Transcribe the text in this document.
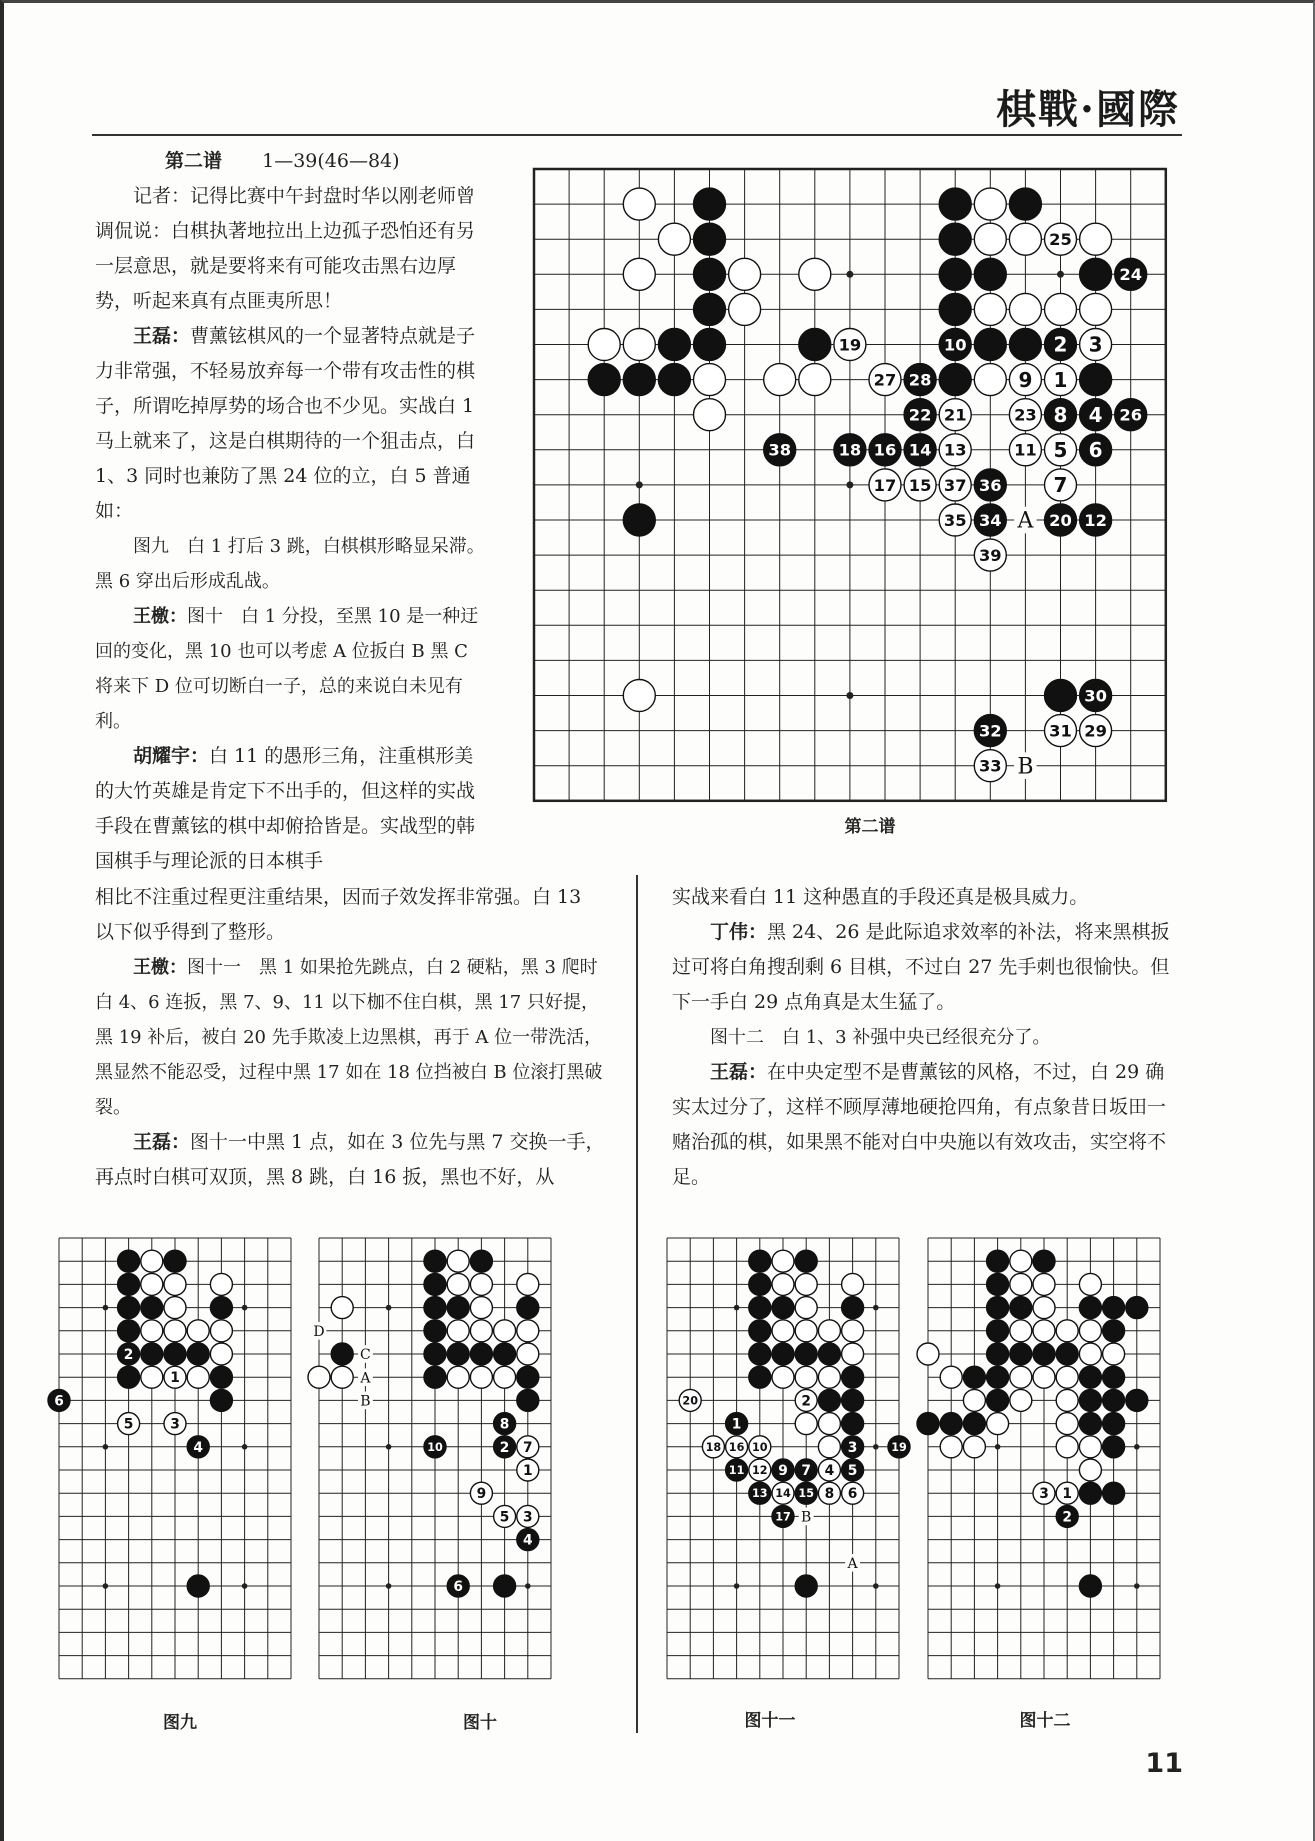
棋戰·國際

第二谱 1—39(46—84)

记者：记得比赛中午封盘时华以刚老师曾调侃说：白棋执著地拉出上边孤子恐怕还有另一层意思，就是要将来有可能攻击黑右边厚势，听起来真有点匪夷所思！

王磊：曹薰铉棋风的一个显著特点就是子力非常强，不轻易放弃每一个带有攻击性的棋子，所谓吃掉厚势的场合也不少见。实战白 1 马上就来了，这是白棋期待的一个狙击点，白 1、3 同时也兼防了黑 24 位的立，白 5 普通如：

图九　白 1 打后 3 跳，白棋棋形略显呆滞。黑 6 穿出后形成乱战。

王檄：图十　白 1 分投，至黑 10 是一种迂回的变化，黑 10 也可以考虑 A 位扳白 B 黑 C 将来下 D 位可切断白一子，总的来说白未见有利。

胡耀宇：白 11 的愚形三角，注重棋形美的大竹英雄是肯定下不出手的，但这样的实战手段在曹薰铉的棋中却俯拾皆是。实战型的韩国棋手与理论派的日本棋手

A
B
25
24
19	10	2 3
27 28	9 1
22 21	23 8 4 26
38	18 16 14 13	11 5 6
17 15 37 36	7
35 34	20 12
39
30
32	31 29
33
第二谱

相比不注重过程更注重结果，因而子效发挥非常强。白 13 以下似乎得到了整形。

王檄：图十一　黑 1 如果抢先跳点，白 2 硬粘，黑 3 爬时白 4、6 连扳，黑 7、9、11 以下枷不住白棋，黑 17 只好提，黑 19 补后，被白 20 先手欺凌上边黑棋，再于 A 位一带洗活，黑显然不能忍受，过程中黑 17 如在 18 位挡被白 B 位滚打黑破裂。

王磊：图十一中黑 1 点，如在 3 位先与黑 7 交换一手，再点时白棋可双顶，黑 8 跳，白 16 扳，黑也不好，从

实战来看白 11 这种愚直的手段还真是极具威力。

丁伟：黑 24、26 是此际追求效率的补法，将来黑棋扳过可将白角搜刮剩 6 目棋，不过白 27 先手刺也很愉快。但下一手白 29 点角真是太生猛了。

图十二　白 1、3 补强中央已经很充分了。

王磊：在中央定型不是曹薰铉的风格，不过，白 29 确实太过分了，这样不顾厚薄地硬抢四角，有点象昔日坂田一赌治孤的棋，如果黑不能对白中央施以有效攻击，实空将不足。

2
1
6
5	3
4
D
C
A
B
8
10	2 7
1
9
5 3
4
6
B
A
20	2
1
18 16 10	3	19
11 12 9 7 4 5
13 14 15 8 6
17
3 1
2
图九	图十	图十一	图十二
11
